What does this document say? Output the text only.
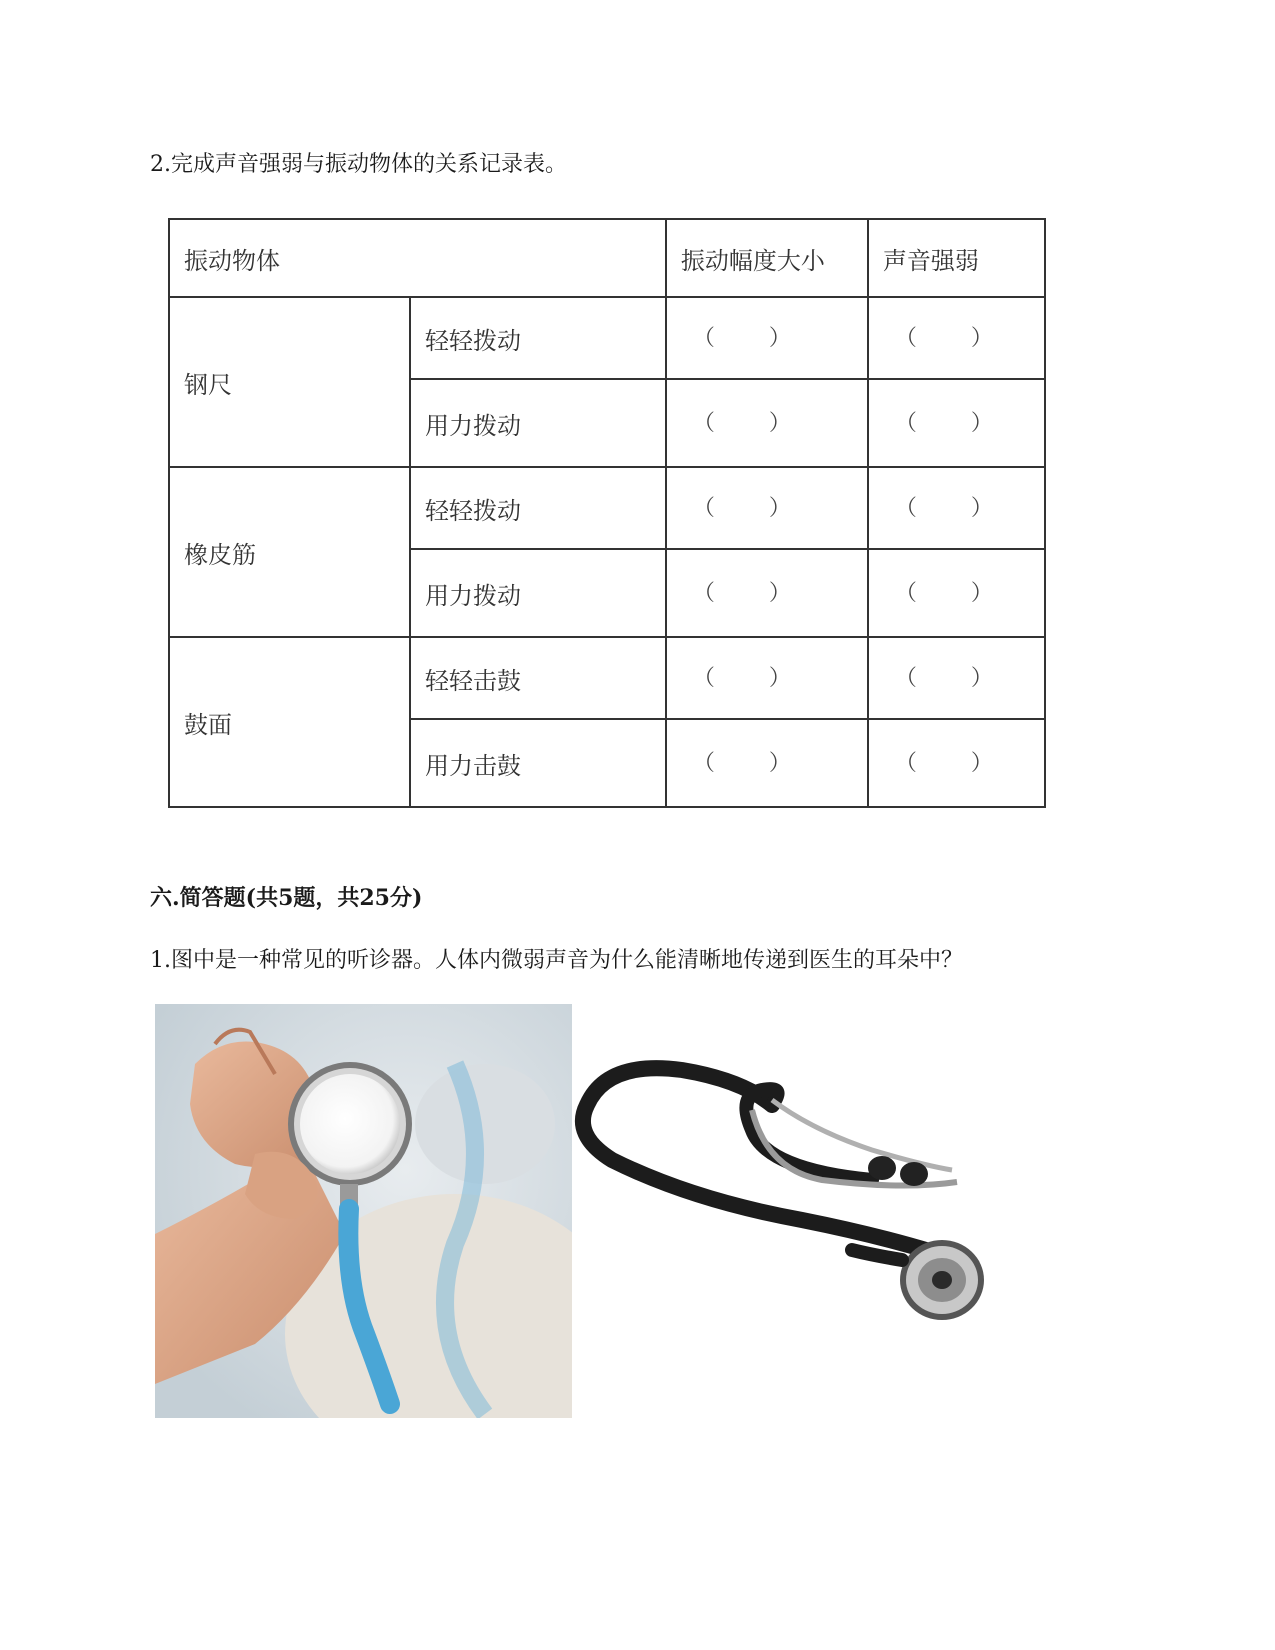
2.完成声音强弱与振动物体的关系记录表。

振动物体		振动幅度大小	声音强弱
钢尺	轻轻拨动	（ ）	（ ）

	用力拨动	（ ）	（ ）

橡皮筋	轻轻拨动	（ ）	（ ）

	用力拨动	（ ）	（ ）

鼓面	轻轻击鼓	（ ）	（ ）

	用力击鼓	（ ）	（ ）

六.简答题(共5题，共25分)

1.图中是一种常见的听诊器。人体内微弱声音为什么能清晰地传递到医生的耳朵中？
